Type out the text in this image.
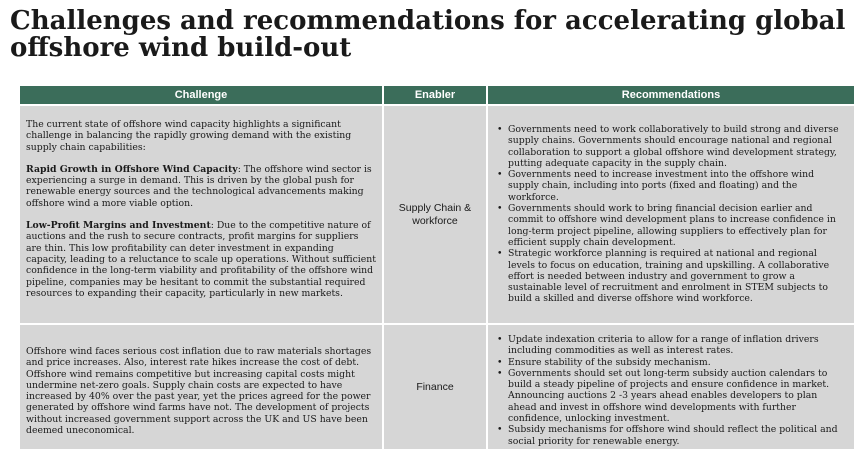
Challenges and recommendations for accelerating global offshore wind build-out
Challenge	Enabler	Recommendations

The current state of offshore wind capacity highlights a significant challenge in balancing the rapidly growing demand with the existing supply chain capabilities:

Rapid Growth in Offshore Wind Capacity: The offshore wind sector is experiencing a surge in demand. This is driven by the global push for renewable energy sources and the technological advancements making offshore wind a more viable option.

Low-Profit Margins and Investment: Due to the competitive nature of auctions and the rush to secure contracts, profit margins for suppliers are thin. This low profitability can deter investment in expanding capacity, leading to a reluctance to scale up operations. Without sufficient confidence in the long-term viability and profitability of the offshore wind pipeline, companies may be hesitant to commit the substantial required resources to expanding their capacity, particularly in new markets.

Supply Chain & workforce
• Governments need to work collaboratively to build strong and diverse supply chains. Governments should encourage national and regional collaboration to support a global offshore wind development strategy, putting adequate capacity in the supply chain.
• Governments need to increase investment into the offshore wind supply chain, including into ports (fixed and floating) and the workforce.
• Governments should work to bring financial decision earlier and commit to offshore wind development plans to increase confidence in long-term project pipeline, allowing suppliers to effectively plan for efficient supply chain development.
• Strategic workforce planning is required at national and regional levels to focus on education, training and upskilling. A collaborative effort is needed between industry and government to grow a sustainable level of recruitment and enrolment in STEM subjects to build a skilled and diverse offshore wind workforce.

Offshore wind faces serious cost inflation due to raw materials shortages and price increases. Also, interest rate hikes increase the cost of debt. Offshore wind remains competitive but increasing capital costs might undermine net-zero goals. Supply chain costs are expected to have increased by 40% over the past year, yet the prices agreed for the power generated by offshore wind farms have not. The development of projects without increased government support across the UK and US have been deemed uneconomical.

Finance
• Update indexation criteria to allow for a range of inflation drivers including commodities as well as interest rates.
• Ensure stability of the subsidy mechanism.
• Governments should set out long-term subsidy auction calendars to build a steady pipeline of projects and ensure confidence in market. Announcing auctions 2 -3 years ahead enables developers to plan ahead and invest in offshore wind developments with further confidence, unlocking investment.
• Subsidy mechanisms for offshore wind should reflect the political and social priority for renewable energy.
